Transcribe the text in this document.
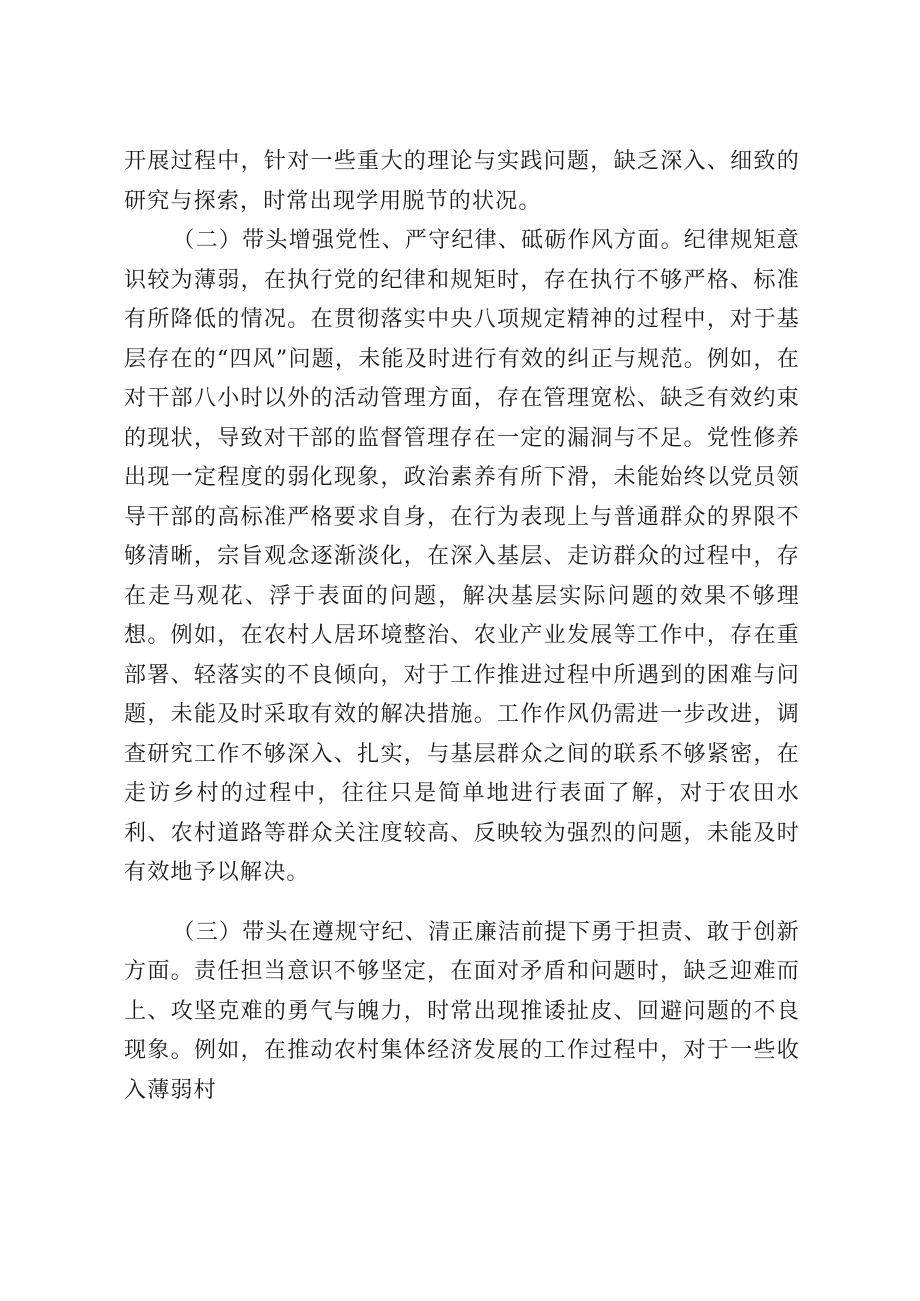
开展过程中，针对一些重大的理论与实践问题，缺乏深入、细致的研究与探索，时常出现学用脱节的状况。

（二）带头增强党性、严守纪律、砥砺作风方面。纪律规矩意识较为薄弱，在执行党的纪律和规矩时，存在执行不够严格、标准有所降低的情况。在贯彻落实中央八项规定精神的过程中，对于基层存在的“四风”问题，未能及时进行有效的纠正与规范。例如，在对干部八小时以外的活动管理方面，存在管理宽松、缺乏有效约束的现状，导致对干部的监督管理存在一定的漏洞与不足。党性修养出现一定程度的弱化现象，政治素养有所下滑，未能始终以党员领导干部的高标准严格要求自身，在行为表现上与普通群众的界限不够清晰，宗旨观念逐渐淡化，在深入基层、走访群众的过程中，存在走马观花、浮于表面的问题，解决基层实际问题的效果不够理想。例如，在农村人居环境整治、农业产业发展等工作中，存在重部署、轻落实的不良倾向，对于工作推进过程中所遇到的困难与问题，未能及时采取有效的解决措施。工作作风仍需进一步改进，调查研究工作不够深入、扎实，与基层群众之间的联系不够紧密，在走访乡村的过程中，往往只是简单地进行表面了解，对于农田水利、农村道路等群众关注度较高、反映较为强烈的问题，未能及时有效地予以解决。

（三）带头在遵规守纪、清正廉洁前提下勇于担责、敢于创新方面。责任担当意识不够坚定，在面对矛盾和问题时，缺乏迎难而上、攻坚克难的勇气与魄力，时常出现推诿扯皮、回避问题的不良现象。例如，在推动农村集体经济发展的工作过程中，对于一些收入薄弱村
